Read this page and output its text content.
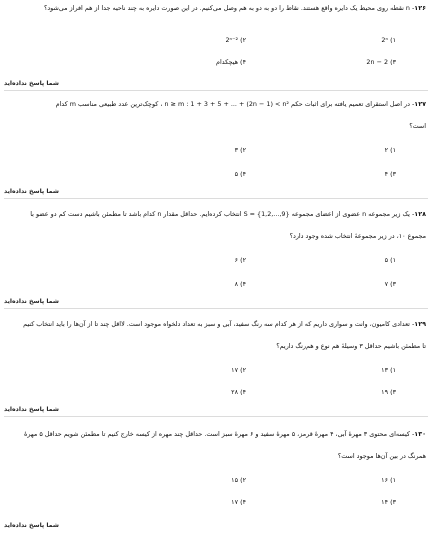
۱۲۶- n نقطه روی محیط یک دایره واقع هستند. نقاط را دو به دو به هم وصل می‌کنیم. در این صورت دایره به چند ناحیه جدا از هم افراز می‌شود؟
۱) 2ⁿ
۲) 2ⁿ⁻²
۳) 2n − 2
۴) هیچکدام
شما پاسخ نداده‌اید
۱۲۷- در اصل استقرای تعمیم یافته برای اثبات حکم n ≥ m : 1 + 3 + 5 + ... + (2n − 1) < n² ، کوچک‌ترین عدد طبیعی مناسب m کدام
است؟
۱) ۲
۲) ۳
۳) ۴
۴) ۵
شما پاسخ نداده‌اید
۱۲۸- یک زیر مجموعه n عضوی از اعضای مجموعه S = {1,2,...,9} انتخاب کرده‌ایم. حداقل مقدار n کدام باشد تا مطمئن باشیم دست کم دو عضو با
مجموع ۱۰، در زیر مجموعهٔ انتخاب شده وجود دارد؟
۱) ۵
۲) ۶
۳) ۷
۴) ۸
شما پاسخ نداده‌اید
۱۲۹- تعدادی کامیون، وانت و سواری داریم که از هر کدام سه رنگ سفید، آبی و سبز به تعداد دلخواه موجود است. لااقل چند تا از آن‌ها را باید انتخاب کنیم
تا مطمئن باشیم حداقل ۳ وسیلهٔ هم نوع و هم‌رنگ داریم؟
۱) ۱۳
۲) ۱۷
۳) ۱۹
۴) ۲۸
شما پاسخ نداده‌اید
۱۳۰- کیسه‌ای محتوی ۳ مهرهٔ آبی، ۴ مهرهٔ قرمز، ۵ مهرهٔ سفید و ۶ مهرهٔ سبز است. حداقل چند مهره از کیسه خارج کنیم تا مطمئن شویم حداقل ۵ مهرهٔ
همرنگ در بین آن‌ها موجود است؟
۱) ۱۶
۲) ۱۵
۳) ۱۴
۴) ۱۷
شما پاسخ نداده‌اید
